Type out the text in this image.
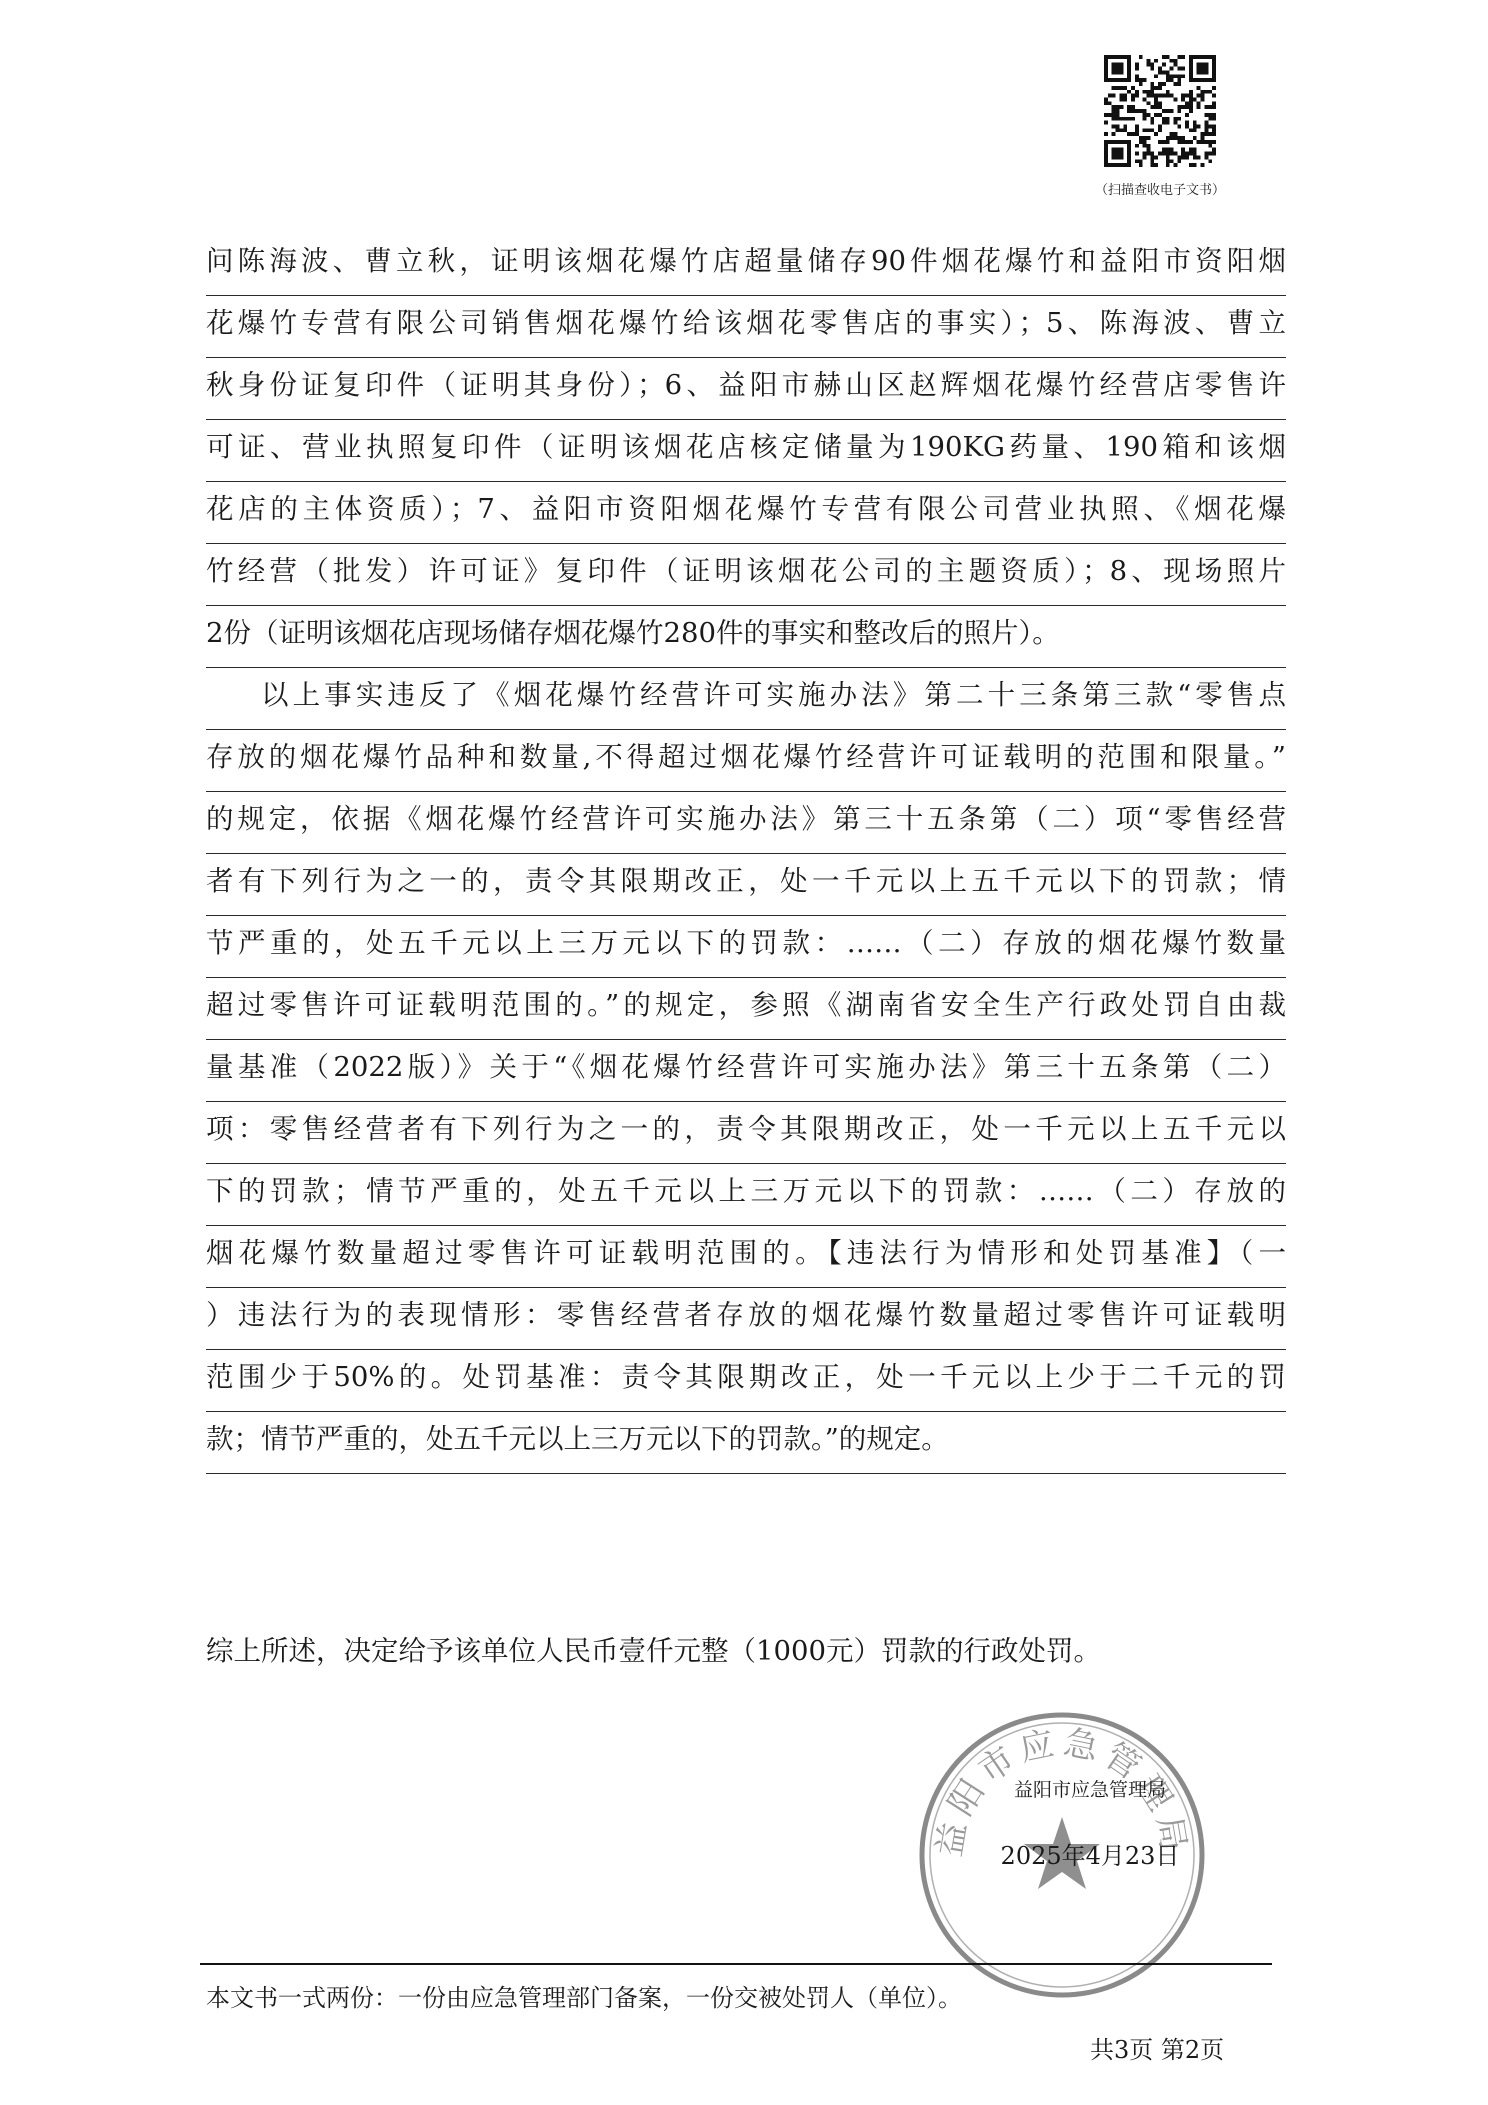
（扫描查收电子文书）
问陈海波、曹立秋，证明该烟花爆竹店超量储存90件烟花爆竹和益阳市资阳烟
花爆竹专营有限公司销售烟花爆竹给该烟花零售店的事实）；5、陈海波、曹立
秋身份证复印件（证明其身份）；6、益阳市赫山区赵辉烟花爆竹经营店零售许
可证、营业执照复印件（证明该烟花店核定储量为190KG药量、190箱和该烟
花店的主体资质）；7、益阳市资阳烟花爆竹专营有限公司营业执照、《烟花爆
竹经营（批发）许可证》复印件（证明该烟花公司的主题资质）；8、现场照片
2份（证明该烟花店现场储存烟花爆竹280件的事实和整改后的照片）。
以上事实违反了《烟花爆竹经营许可实施办法》第二十三条第三款“零售点
存放的烟花爆竹品种和数量,不得超过烟花爆竹经营许可证载明的范围和限量。”
的规定，依据《烟花爆竹经营许可实施办法》第三十五条第（二）项“零售经营
者有下列行为之一的，责令其限期改正，处一千元以上五千元以下的罚款；情
节严重的，处五千元以上三万元以下的罚款：……（二）存放的烟花爆竹数量
超过零售许可证载明范围的。”的规定，参照《湖南省安全生产行政处罚自由裁
量基准（2022版）》关于“《烟花爆竹经营许可实施办法》第三十五条第（二）
项：零售经营者有下列行为之一的，责令其限期改正，处一千元以上五千元以
下的罚款；情节严重的，处五千元以上三万元以下的罚款：……（二）存放的
烟花爆竹数量超过零售许可证载明范围的。【违法行为情形和处罚基准】（一
）违法行为的表现情形：零售经营者存放的烟花爆竹数量超过零售许可证载明
范围少于50%的。处罚基准：责令其限期改正，处一千元以上少于二千元的罚
款；情节严重的，处五千元以上三万元以下的罚款。”的规定。
综上所述，决定给予该单位人民币壹仟元整（1000元）罚款的行政处罚。
益阳市应急管理局
益阳市应急管理局
2025年4月23日
本文书一式两份：一份由应急管理部门备案，一份交被处罚人（单位）。
共3页 第2页
